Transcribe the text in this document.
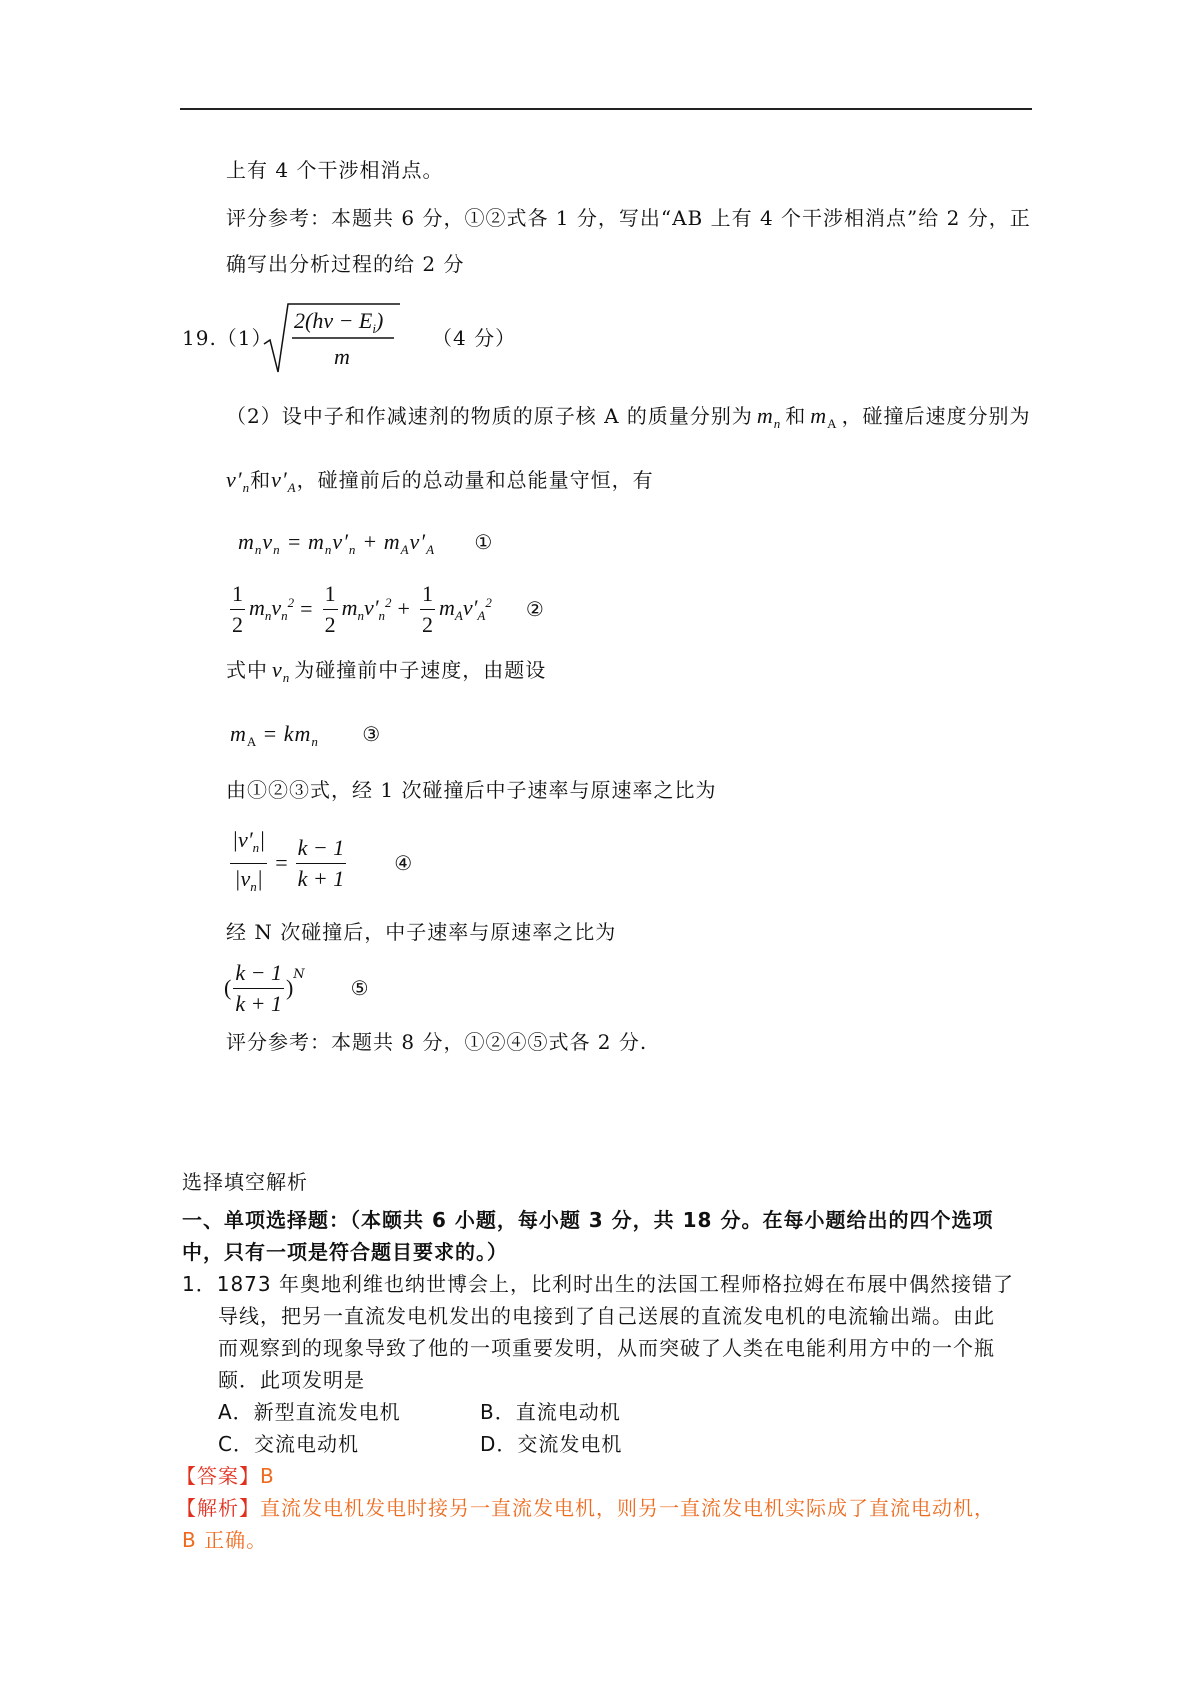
上有 4 个干涉相消点。
评分参考：本题共 6 分，①②式各 1 分，写出“AB 上有 4 个干涉相消点”给 2 分，正
确写出分析过程的给 2 分
19.（1）
$2(h\nu - E_i)$
m
（4 分）
（2）设中子和作减速剂的物质的原子核 A 的质量分别为 $m_n$ 和 $m_A$ ，碰撞后速度分别为
$v'_n$和$v'_A$，碰撞前后的总动量和总能量守恒，有
$m_nv_n = m_nv'_n + m_Av'_A$ ①
$\frac{1}{2} m_nv_n^2 = \frac{1}{2} m_nv'_n^2 + \frac{1}{2} m_Av'_A^2$ ②
式中 $v_n$ 为碰撞前中子速度，由题设
$m_A = km_n$ ③
由①②③式，经 1 次碰撞后中子速率与原速率之比为
$\frac{|v'_n|}{|v_n|} = \frac{k - 1}{k + 1}$ ④
经 N 次碰撞后，中子速率与原速率之比为
( $\frac{k - 1}{k + 1}$ )
$^N$
⑤
评分参考：本题共 8 分，①②④⑤式各 2 分.
选择填空解析
一、单项选择题：（本颐共 6 小题，每小题 3 分，共 18 分。在每小题给出的四个选项
中，只有一项是符合题目要求的。）
1．1873 年奥地利维也纳世博会上，比利时出生的法国工程师格拉姆在布展中偶然接错了
导线，把另一直流发电机发出的电接到了自己送展的直流发电机的电流输出端。由此
而观察到的现象导致了他的一项重要发明，从而突破了人类在电能利用方中的一个瓶
颐．此项发明是
A．新型直流发电机	B．直流电动机
C．交流电动机	D．交流发电机
【答案】B
【解析】直流发电机发电时接另一直流发电机，则另一直流发电机实际成了直流电动机，
B 正确。
